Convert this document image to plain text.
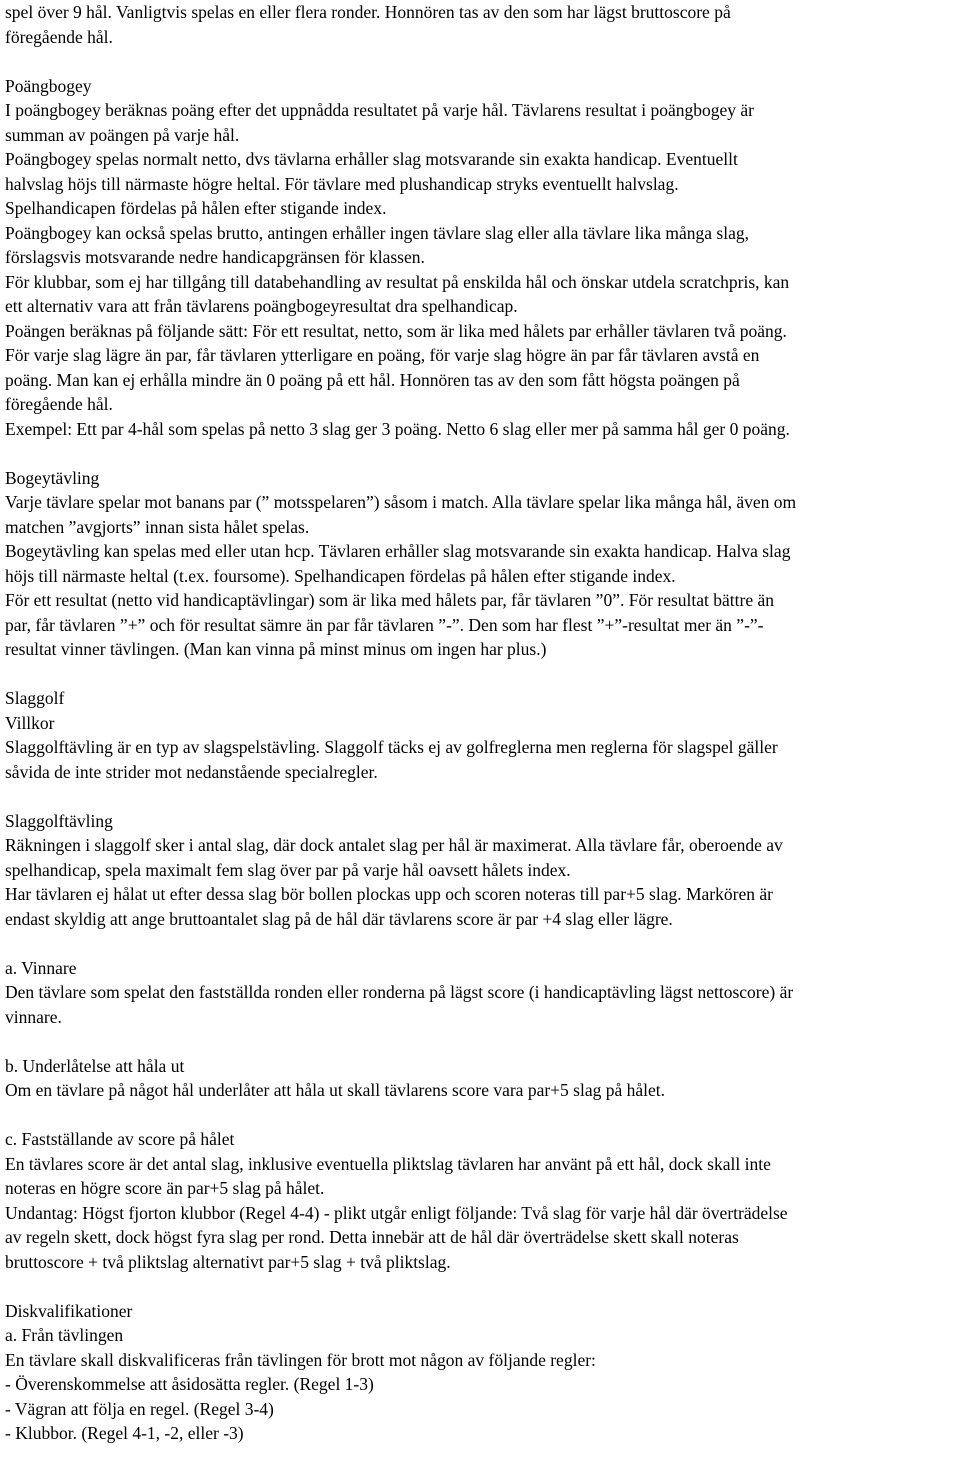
spel över 9 hål. Vanligtvis spelas en eller flera ronder. Honnören tas av den som har lägst bruttoscore på
föregående hål.
Poängbogey
I poängbogey beräknas poäng efter det uppnådda resultatet på varje hål. Tävlarens resultat i poängbogey är
summan av poängen på varje hål.
Poängbogey spelas normalt netto, dvs tävlarna erhåller slag motsvarande sin exakta handicap. Eventuellt
halvslag höjs till närmaste högre heltal. För tävlare med plushandicap stryks eventuellt halvslag.
Spelhandicapen fördelas på hålen efter stigande index.
Poängbogey kan också spelas brutto, antingen erhåller ingen tävlare slag eller alla tävlare lika många slag,
förslagsvis motsvarande nedre handicapgränsen för klassen.
För klubbar, som ej har tillgång till databehandling av resultat på enskilda hål och önskar utdela scratchpris, kan
ett alternativ vara att från tävlarens poängbogeyresultat dra spelhandicap.
Poängen beräknas på följande sätt: För ett resultat, netto, som är lika med hålets par erhåller tävlaren två poäng.
För varje slag lägre än par, får tävlaren ytterligare en poäng, för varje slag högre än par får tävlaren avstå en
poäng. Man kan ej erhålla mindre än 0 poäng på ett hål. Honnören tas av den som fått högsta poängen på
föregående hål.
Exempel: Ett par 4-hål som spelas på netto 3 slag ger 3 poäng. Netto 6 slag eller mer på samma hål ger 0 poäng.
Bogeytävling
Varje tävlare spelar mot banans par (” motsspelaren”) såsom i match. Alla tävlare spelar lika många hål, även om
matchen ”avgjorts” innan sista hålet spelas.
Bogeytävling kan spelas med eller utan hcp. Tävlaren erhåller slag motsvarande sin exakta handicap. Halva slag
höjs till närmaste heltal (t.ex. foursome). Spelhandicapen fördelas på hålen efter stigande index.
För ett resultat (netto vid handicaptävlingar) som är lika med hålets par, får tävlaren ”0”. För resultat bättre än
par, får tävlaren ”+” och för resultat sämre än par får tävlaren ”-”. Den som har flest ”+”-resultat mer än ”-”-
resultat vinner tävlingen. (Man kan vinna på minst minus om ingen har plus.)
Slaggolf
Villkor
Slaggolftävling är en typ av slagspelstävling. Slaggolf täcks ej av golfreglerna men reglerna för slagspel gäller
såvida de inte strider mot nedanstående specialregler.
Slaggolftävling
Räkningen i slaggolf sker i antal slag, där dock antalet slag per hål är maximerat. Alla tävlare får, oberoende av
spelhandicap, spela maximalt fem slag över par på varje hål oavsett hålets index.
Har tävlaren ej hålat ut efter dessa slag bör bollen plockas upp och scoren noteras till par+5 slag. Markören är
endast skyldig att ange bruttoantalet slag på de hål där tävlarens score är par +4 slag eller lägre.
a. Vinnare
Den tävlare som spelat den fastställda ronden eller ronderna på lägst score (i handicaptävling lägst nettoscore) är
vinnare.
b. Underlåtelse att håla ut
Om en tävlare på något hål underlåter att håla ut skall tävlarens score vara par+5 slag på hålet.
c. Fastställande av score på hålet
En tävlares score är det antal slag, inklusive eventuella pliktslag tävlaren har använt på ett hål, dock skall inte
noteras en högre score än par+5 slag på hålet.
Undantag: Högst fjorton klubbor (Regel 4-4) - plikt utgår enligt följande: Två slag för varje hål där överträdelse
av regeln skett, dock högst fyra slag per rond. Detta innebär att de hål där överträdelse skett skall noteras
bruttoscore + två pliktslag alternativt par+5 slag + två pliktslag.
Diskvalifikationer
a. Från tävlingen
En tävlare skall diskvalificeras från tävlingen för brott mot någon av följande regler:
- Överenskommelse att åsidosätta regler. (Regel 1-3)
- Vägran att följa en regel. (Regel 3-4)
- Klubbor. (Regel 4-1, -2, eller -3)
